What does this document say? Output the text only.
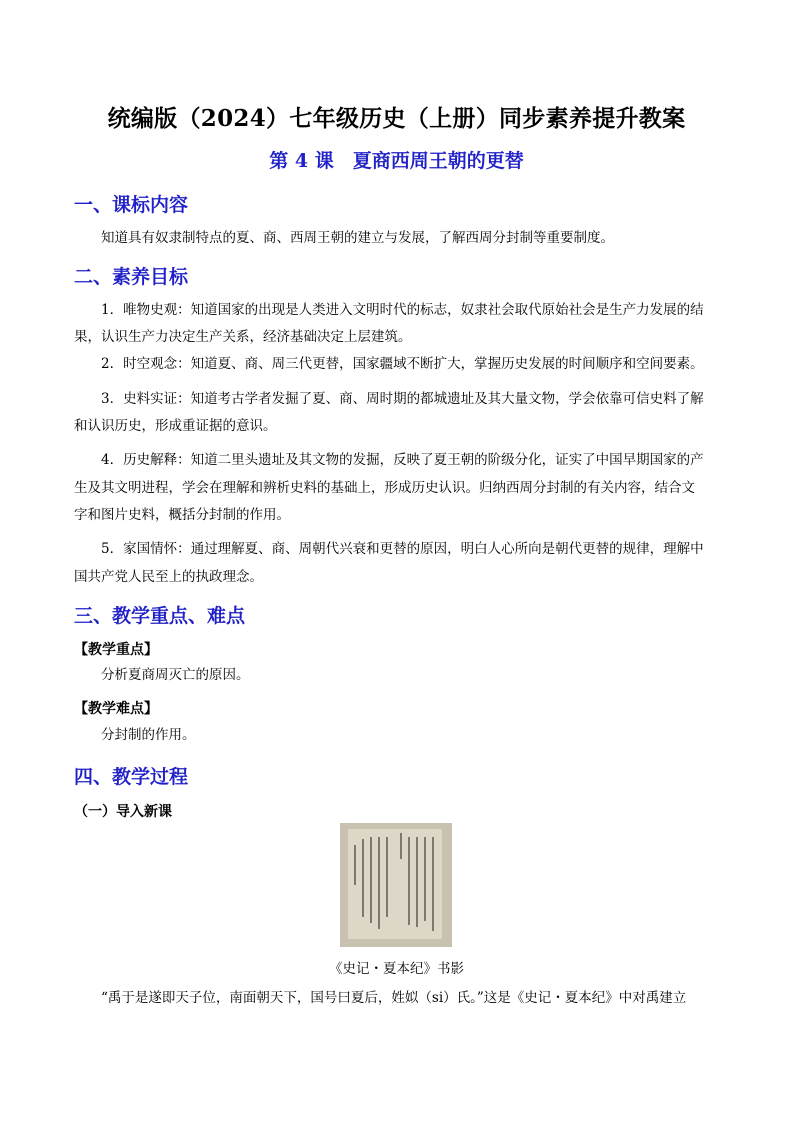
统编版（2024）七年级历史（上册）同步素养提升教案
第 4 课　夏商西周王朝的更替
一、课标内容
知道具有奴隶制特点的夏、商、西周王朝的建立与发展，了解西周分封制等重要制度。
二、素养目标
1．唯物史观：知道国家的出现是人类进入文明时代的标志，奴隶社会取代原始社会是生产力发展的结
果，认识生产力决定生产关系，经济基础决定上层建筑。
2．时空观念：知道夏、商、周三代更替，国家疆域不断扩大，掌握历史发展的时间顺序和空间要素。
3．史料实证：知道考古学者发掘了夏、商、周时期的都城遗址及其大量文物，学会依靠可信史料了解
和认识历史，形成重证据的意识。
4．历史解释：知道二里头遗址及其文物的发掘，反映了夏王朝的阶级分化，证实了中国早期国家的产
生及其文明进程，学会在理解和辨析史料的基础上，形成历史认识。归纳西周分封制的有关内容，结合文
字和图片史料，概括分封制的作用。
5．家国情怀：通过理解夏、商、周朝代兴衰和更替的原因，明白人心所向是朝代更替的规律，理解中
国共产党人民至上的执政理念。
三、教学重点、难点
【教学重点】
分析夏商周灭亡的原因。
【教学难点】
分封制的作用。
四、教学过程
（一）导入新课
《史记・夏本纪》书影
“禹于是遂即天子位，南面朝天下，国号曰夏后，姓姒（si）氏。”这是《史记・夏本纪》中对禹建立
